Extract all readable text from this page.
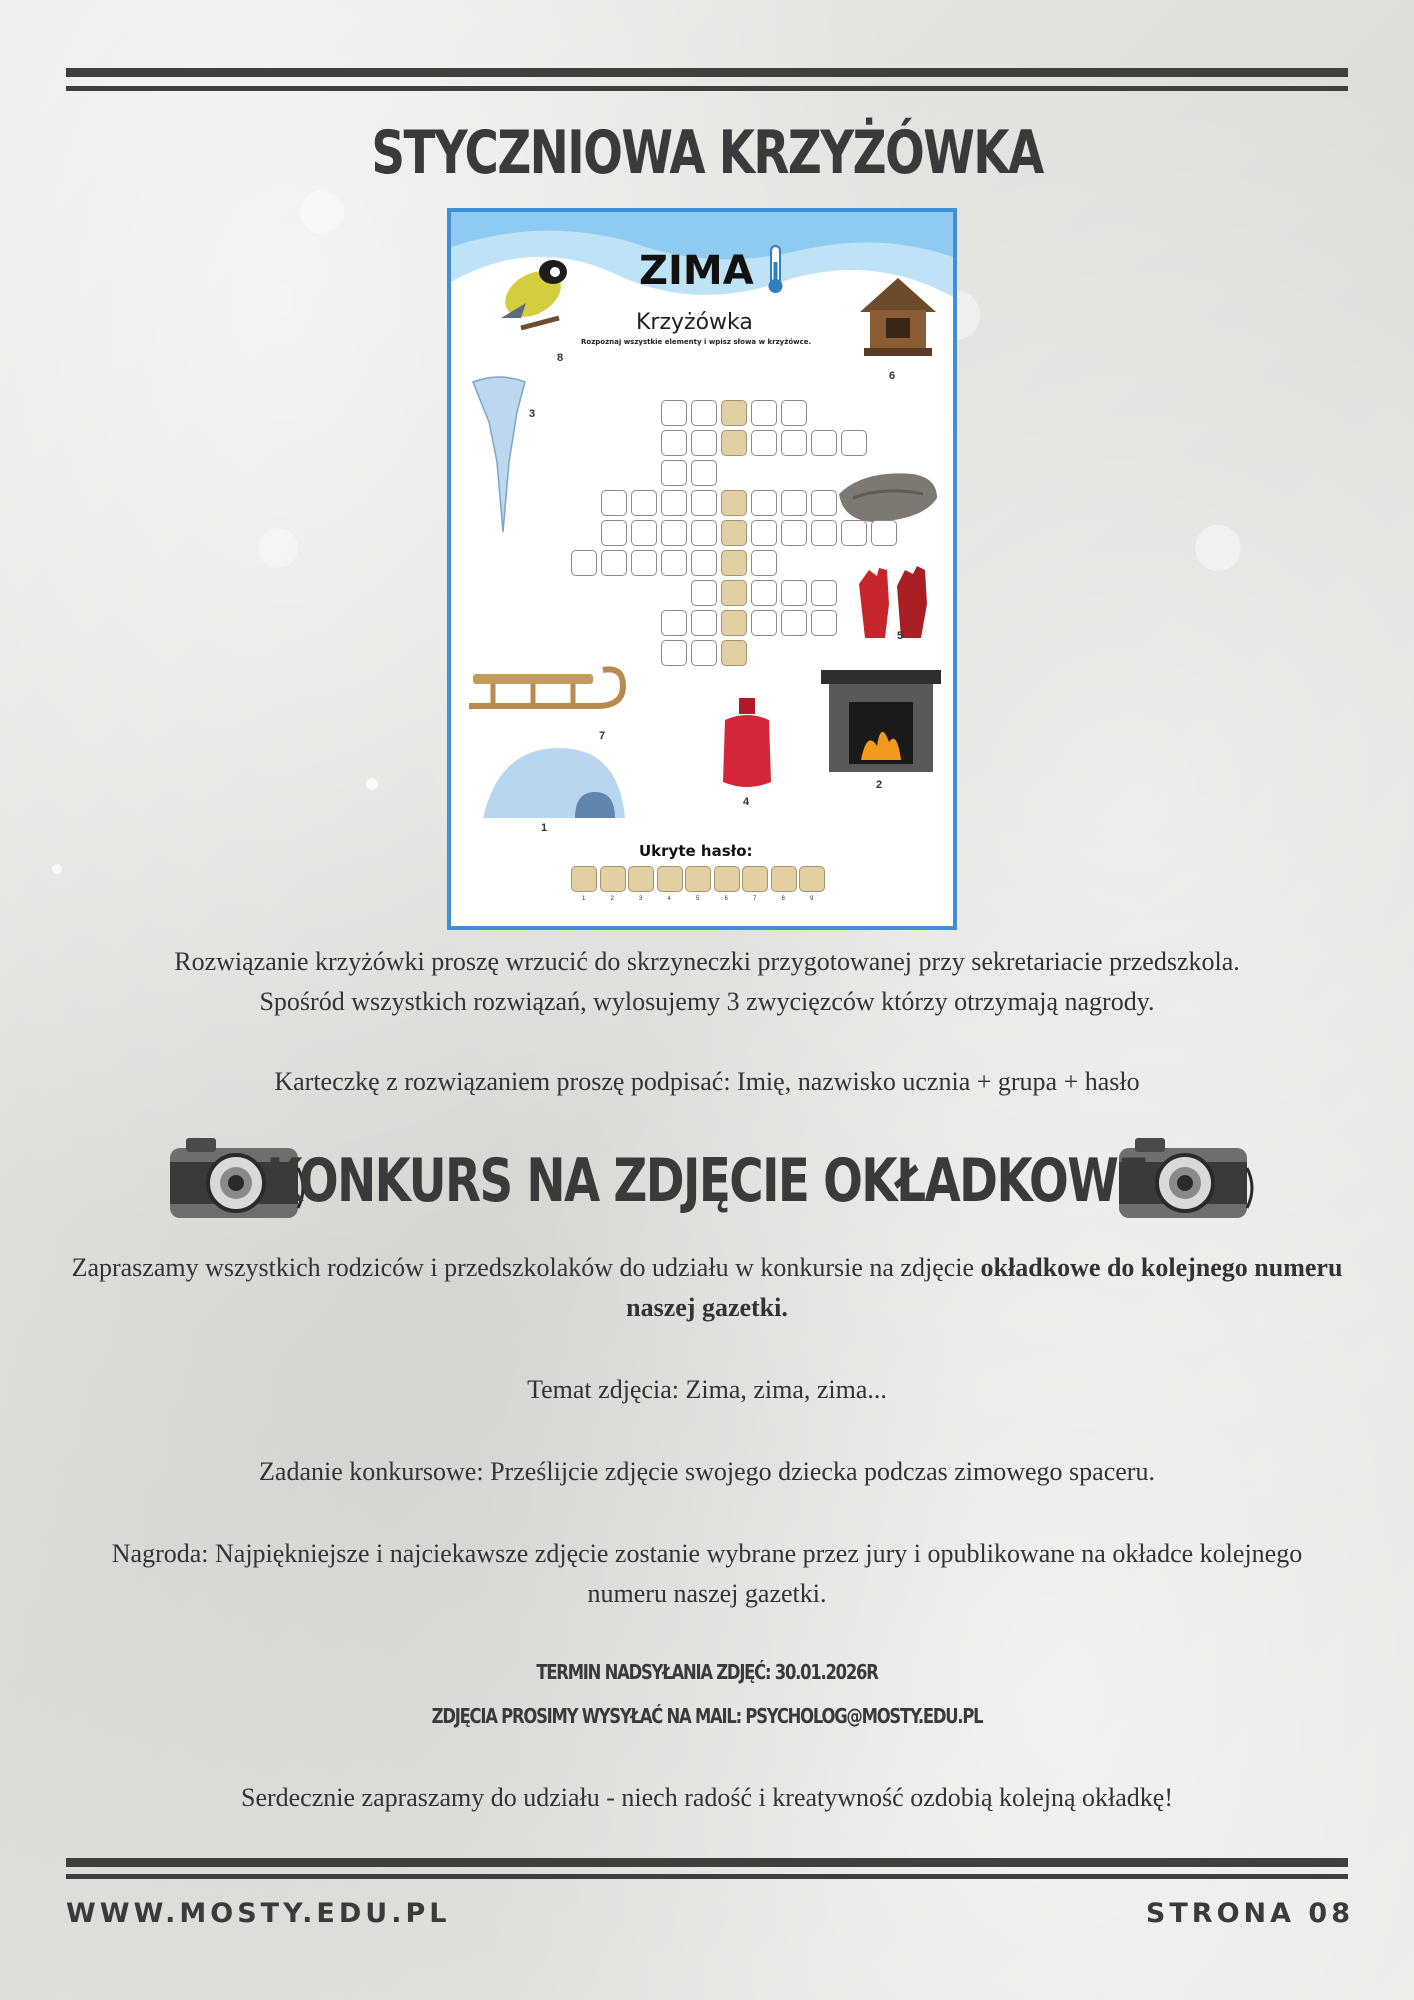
STYCZNIOWA KRZYŻÓWKA
ZIMA
Krzyżówka
Rozpoznaj wszystkie elementy i wpisz słowa w krzyżówce.
8
6
3
5
7
4
2
1
Ukryte hasło:
1	2	3	4	5	6	7	8	9
Rozwiązanie krzyżówki proszę wrzucić do skrzyneczki przygotowanej przy sekretariacie przedszkola.
Spośród wszystkich rozwiązań, wylosujemy 3 zwycięzców którzy otrzymają nagrody.
Karteczkę z rozwiązaniem proszę podpisać: Imię, nazwisko ucznia + grupa + hasło
KONKURS NA ZDJĘCIE OKŁADKOWE
Zapraszamy wszystkich rodziców i przedszkolaków do udziału w konkursie na zdjęcie okładkowe do kolejnego numeru naszej gazetki.
Temat zdjęcia: Zima, zima, zima...
Zadanie konkursowe: Prześlijcie zdjęcie swojego dziecka podczas zimowego spaceru.
Nagroda: Najpiękniejsze i najciekawsze zdjęcie zostanie wybrane przez jury i opublikowane na okładce kolejnego numeru naszej gazetki.
TERMIN NADSYŁANIA ZDJĘĆ: 30.01.2026R
ZDJĘCIA PROSIMY WYSYŁAĆ NA MAIL: PSYCHOLOG@MOSTY.EDU.PL
Serdecznie zapraszamy do udziału - niech radość i kreatywność ozdobią kolejną okładkę!
WWW.MOSTY.EDU.PL	STRONA 08
